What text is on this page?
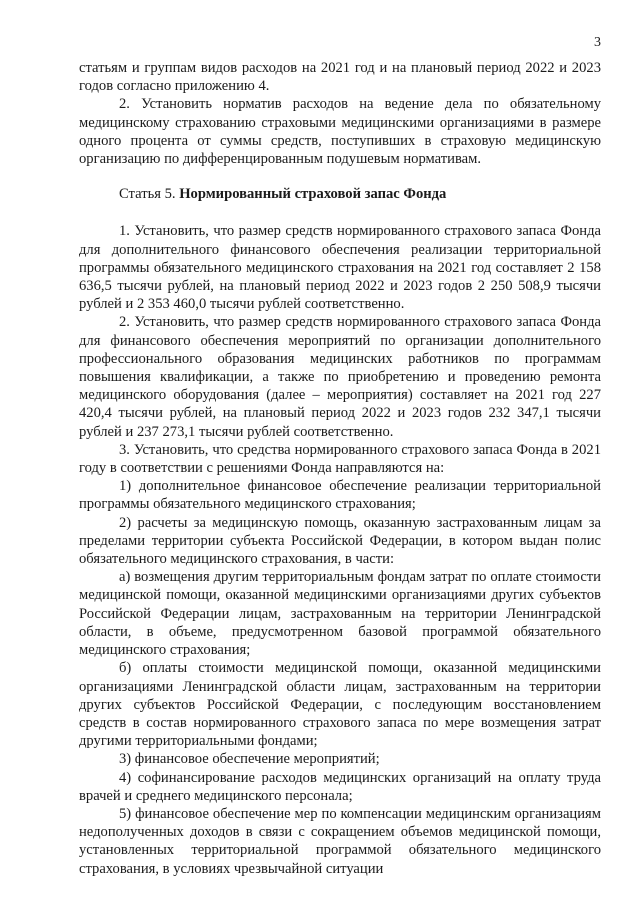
3

статьям и группам видов расходов на 2021 год и на плановый период 2022 и 2023 годов согласно приложению 4.

2. Установить норматив расходов на ведение дела по обязательному медицинскому страхованию страховыми медицинскими организациями в размере одного процента от суммы средств, поступивших в страховую медицинскую организацию по дифференцированным подушевым нормативам.

Статья 5. Нормированный страховой запас Фонда

1. Установить, что размер средств нормированного страхового запаса Фонда для дополнительного финансового обеспечения реализации территориальной программы обязательного медицинского страхования на 2021 год составляет 2 158 636,5 тысячи рублей, на плановый период 2022 и 2023 годов 2 250 508,9 тысячи рублей и 2 353 460,0 тысячи рублей соответственно.

2. Установить, что размер средств нормированного страхового запаса Фонда для финансового обеспечения мероприятий по организации дополнительного профессионального образования медицинских работников по программам повышения квалификации, а также по приобретению и проведению ремонта медицинского оборудования (далее – мероприятия) составляет на 2021 год 227 420,4 тысячи рублей, на плановый период 2022 и 2023 годов 232 347,1 тысячи рублей и 237 273,1 тысячи рублей соответственно.

3. Установить, что средства нормированного страхового запаса Фонда в 2021 году в соответствии с решениями Фонда направляются на:

1) дополнительное финансовое обеспечение реализации территориальной программы обязательного медицинского страхования;

2) расчеты за медицинскую помощь, оказанную застрахованным лицам за пределами территории субъекта Российской Федерации, в котором выдан полис обязательного медицинского страхования, в части:

а) возмещения другим территориальным фондам затрат по оплате стоимости медицинской помощи, оказанной медицинскими организациями других субъектов Российской Федерации лицам, застрахованным на территории Ленинградской области, в объеме, предусмотренном базовой программой обязательного медицинского страхования;

б) оплаты стоимости медицинской помощи, оказанной медицинскими организациями Ленинградской области лицам, застрахованным на территории других субъектов Российской Федерации, с последующим восстановлением средств в состав нормированного страхового запаса по мере возмещения затрат другими территориальными фондами;

3) финансовое обеспечение мероприятий;

4) софинансирование расходов медицинских организаций на оплату труда врачей и среднего медицинского персонала;

5) финансовое обеспечение мер по компенсации медицинским организациям недополученных доходов в связи с сокращением объемов медицинской помощи, установленных территориальной программой обязательного медицинского страхования, в условиях чрезвычайной ситуации
